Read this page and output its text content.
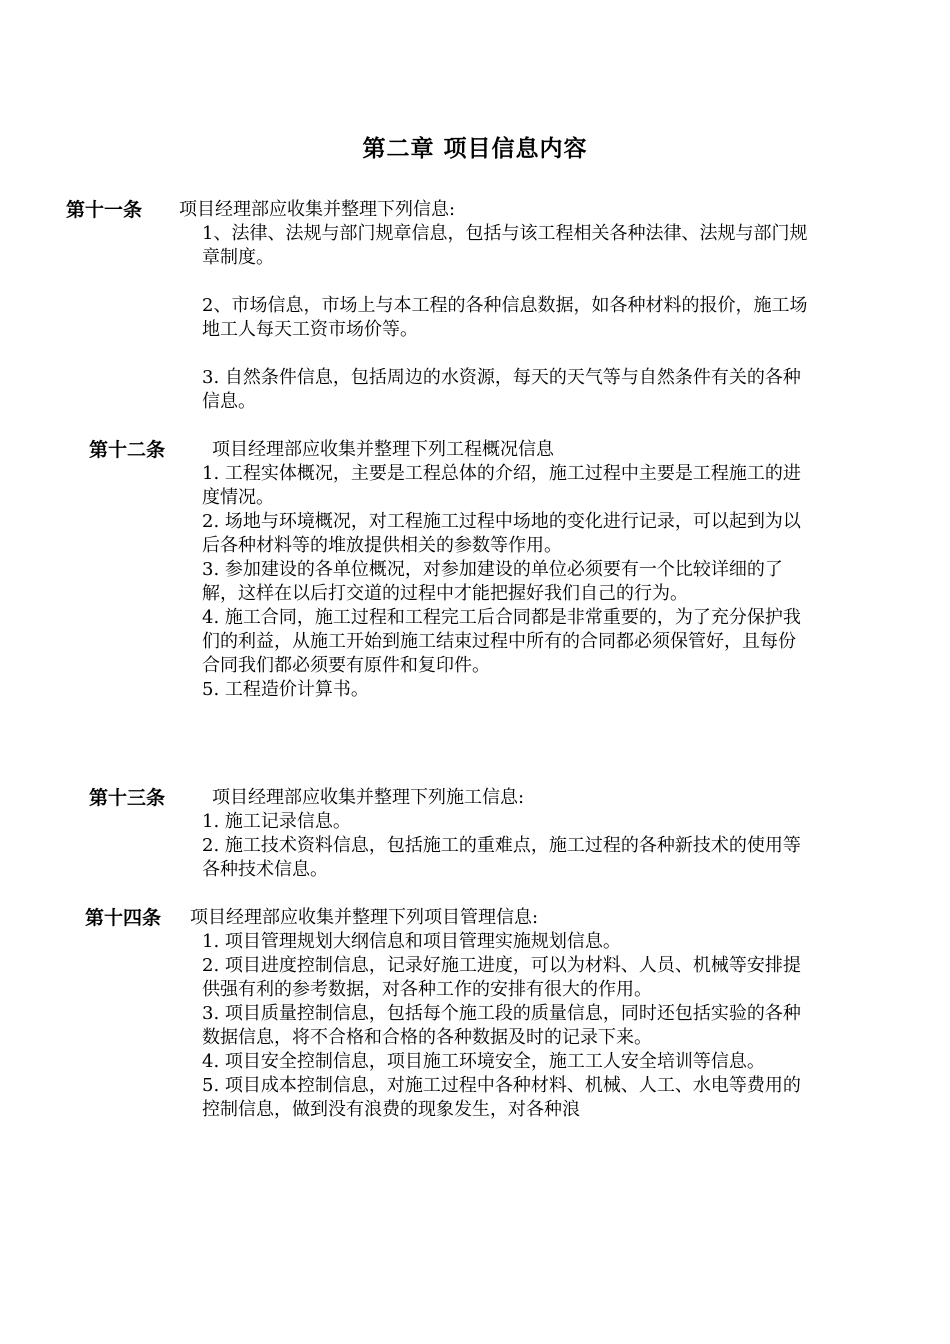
第二章 项目信息内容
第十一条 项目经理部应收集并整理下列信息:

1、法律、法规与部门规章信息，包括与该工程相关各种法律、法规与部门规章制度。

2、市场信息，市场上与本工程的各种信息数据，如各种材料的报价，施工场地工人每天工资市场价等。

3. 自然条件信息，包括周边的水资源，每天的天气等与自然条件有关的各种信息。

第十二条	项目经理部应收集并整理下列工程概况信息

1. 工程实体概况，主要是工程总体的介绍，施工过程中主要是工程施工的进度情况。

2. 场地与环境概况，对工程施工过程中场地的变化进行记录，可以起到为以后各种材料等的堆放提供相关的参数等作用。

3. 参加建设的各单位概况，对参加建设的单位必须要有一个比较详细的了解，这样在以后打交道的过程中才能把握好我们自己的行为。

4. 施工合同，施工过程和工程完工后合同都是非常重要的，为了充分保护我们的利益，从施工开始到施工结束过程中所有的合同都必须保管好，且每份合同我们都必须要有原件和复印件。

5. 工程造价计算书。

第十三条	项目经理部应收集并整理下列施工信息:

1. 施工记录信息。

2. 施工技术资料信息，包括施工的重难点，施工过程的各种新技术的使用等各种技术信息。

第十四条 项目经理部应收集并整理下列项目管理信息:

1. 项目管理规划大纲信息和项目管理实施规划信息。

2. 项目进度控制信息，记录好施工进度，可以为材料、人员、机械等安排提供强有利的参考数据，对各种工作的安排有很大的作用。

3. 项目质量控制信息，包括每个施工段的质量信息，同时还包括实验的各种数据信息，将不合格和合格的各种数据及时的记录下来。

4. 项目安全控制信息，项目施工环境安全，施工工人安全培训等信息。

5. 项目成本控制信息，对施工过程中各种材料、机械、人工、水电等费用的控制信息，做到没有浪费的现象发生，对各种浪
